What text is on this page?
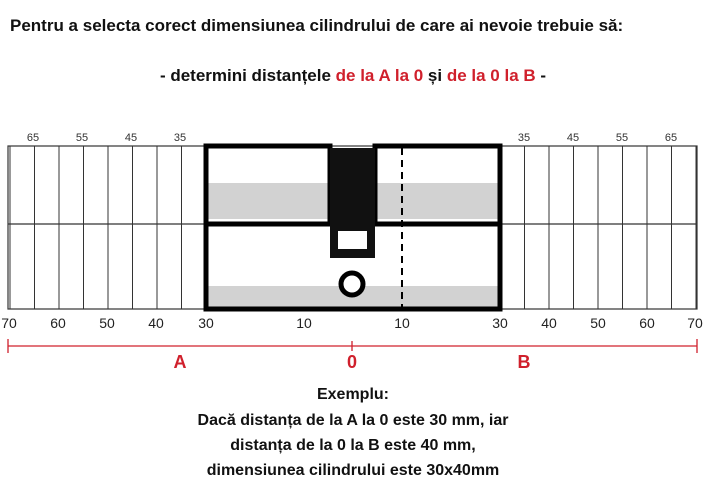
Pentru a selecta corect dimensiunea cilindrului de care ai nevoie trebuie să:
- determini distanțele de la A la 0 și de la 0 la B -
65	55	45	35	35	45	55	65
70 60 50 40 30	10	10	30 40 50 60 70
A	0	B
Exemplu:
Dacă distanța de la A la 0 este 30 mm, iar
distanța de la 0 la B este 40 mm,
dimensiunea cilindrului este 30x40mm
